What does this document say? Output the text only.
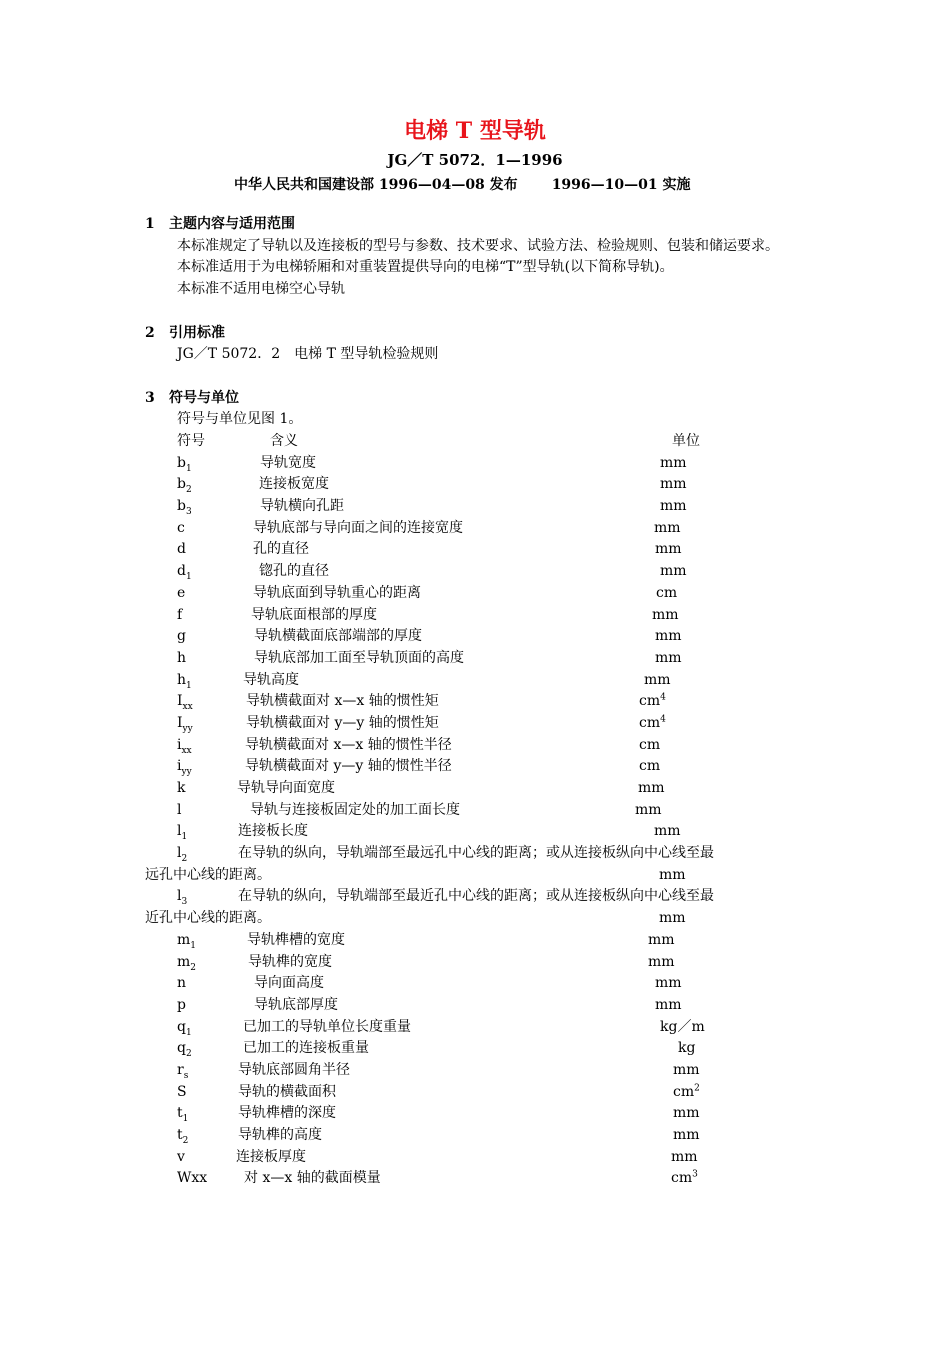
电梯 T 型导轨
JG／T 5072．1—1996
中华人民共和国建设部 1996—04—08 发布 1996—10—01 实施
1 主题内容与适用范围
本标准规定了导轨以及连接板的型号与参数、技术要求、试验方法、检验规则、包装和储运要求。
本标准适用于为电梯轿厢和对重装置提供导向的电梯“T”型导轨(以下简称导轨)。
本标准不适用电梯空心导轨
2 引用标准
JG／T 5072．2　电梯 T 型导轨检验规则
3 符号与单位
符号与单位见图 1。
符号	含义	单位
$b_1$	导轨宽度	mm
$b_2$	连接板宽度	mm
$b_3$	导轨横向孔距	mm
c	导轨底部与导向面之间的连接宽度	mm
d	孔的直径	mm
$d_1$	锪孔的直径	mm
e	导轨底面到导轨重心的距离	cm
f	导轨底面根部的厚度	mm
g	导轨横截面底部端部的厚度	mm
h	导轨底部加工面至导轨顶面的高度	mm
$h_1$	导轨高度	mm
$I_{xx}$	导轨横截面对 x—x 轴的惯性矩	$cm^4$
$I_{yy}$	导轨横截面对 y—y 轴的惯性矩	$cm^4$
$i_{xx}$	导轨横截面对 x—x 轴的惯性半径	cm
$i_{yy}$	导轨横截面对 y—y 轴的惯性半径	cm
k	导轨导向面宽度	mm
l	导轨与连接板固定处的加工面长度	mm
$l_1$	连接板长度	mm
$l_2$	在导轨的纵向，导轨端部至最远孔中心线的距离；或从连接板纵向中心线至最
远孔中心线的距离。	mm
$l_3$	在导轨的纵向，导轨端部至最近孔中心线的距离；或从连接板纵向中心线至最
近孔中心线的距离。	mm
$m_1$	导轨榫槽的宽度	mm
$m_2$	导轨榫的宽度	mm
n	导向面高度	mm
p	导轨底部厚度	mm
$q_1$	已加工的导轨单位长度重量	kg／m
$q_2$	已加工的连接板重量	kg
$r_s$	导轨底部圆角半径	mm
S	导轨的横截面积	$cm^2$
$t_1$	导轨榫槽的深度	mm
$t_2$	导轨榫的高度	mm
v	连接板厚度	mm
Wxx	对 x—x 轴的截面模量	$cm^3$
